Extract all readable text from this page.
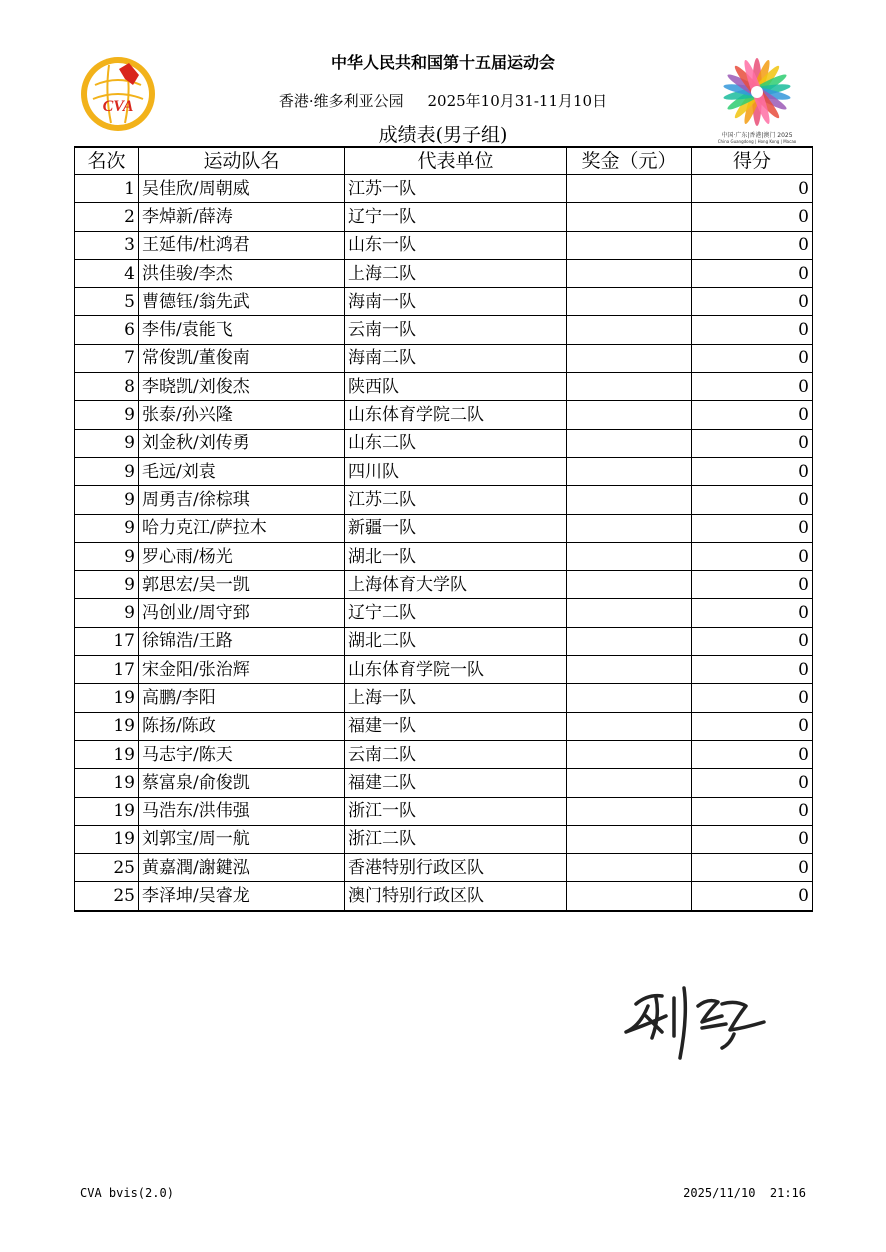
CVA
中国·广东|香港|澳门 2025
China Guangdong | Hong Kong | Macao
中华人民共和国第十五届运动会
香港·维多利亚公园     2025年10月31-11月10日
成绩表(男子组)
名次	运动队名	代表单位	奖金（元）	得分
1	吴佳欣/周朝威	江苏一队		0
2	李焯新/薛涛	辽宁一队		0
3	王延伟/杜鸿君	山东一队		0
4	洪佳骏/李杰	上海二队		0
5	曹德钰/翁先武	海南一队		0
6	李伟/袁能飞	云南一队		0
7	常俊凯/董俊南	海南二队		0
8	李晓凯/刘俊杰	陕西队		0
9	张泰/孙兴隆	山东体育学院二队		0
9	刘金秋/刘传勇	山东二队		0
9	毛远/刘袁	四川队		0
9	周勇吉/徐棕琪	江苏二队		0
9	哈力克江/萨拉木	新疆一队		0
9	罗心雨/杨光	湖北一队		0
9	郭思宏/吴一凯	上海体育大学队		0
9	冯创业/周守郅	辽宁二队		0
17	徐锦浩/王路	湖北二队		0
17	宋金阳/张治辉	山东体育学院一队		0
19	高鹏/李阳	上海一队		0
19	陈扬/陈政	福建一队		0
19	马志宇/陈天	云南二队		0
19	蔡富泉/俞俊凯	福建二队		0
19	马浩东/洪伟强	浙江一队		0
19	刘郭宝/周一航	浙江二队		0
25	黄嘉潤/謝鍵泓	香港特别行政区队		0
25	李泽坤/吴睿龙	澳门特别行政区队		0
CVA bvis(2.0)	2025/11/10  21:16
